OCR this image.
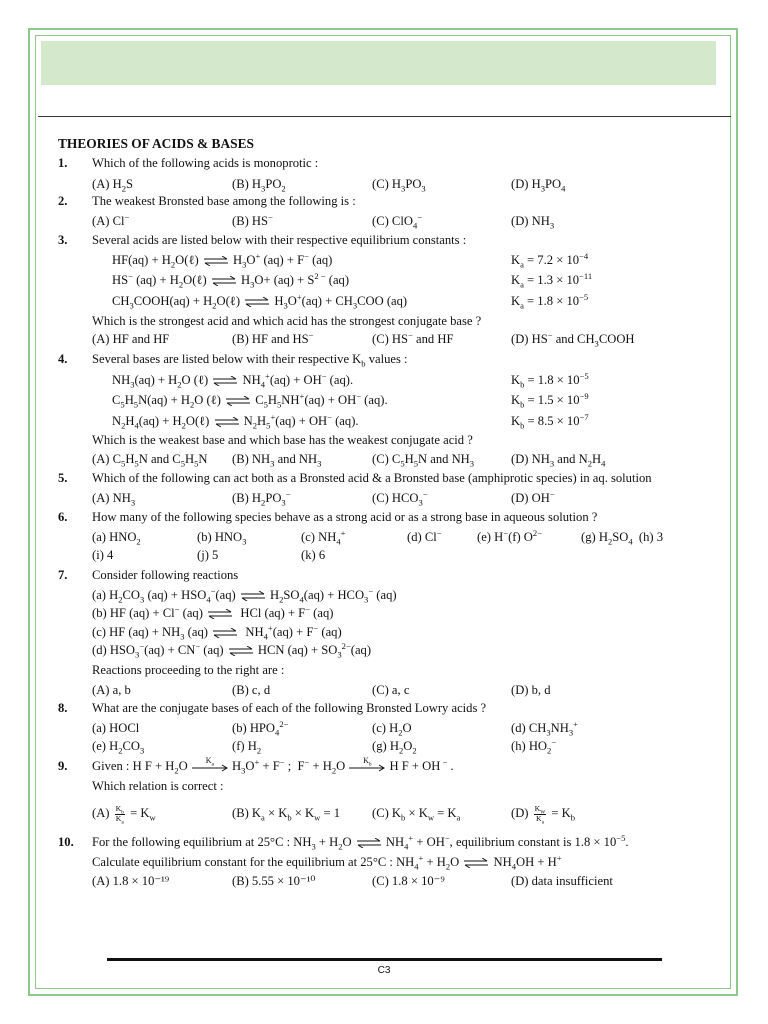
THEORIES OF ACIDS & BASES
1. Which of the following acids is monoprotic :
(A) $H_2S$	(B) $H_3PO_2$	(C) $H_3PO_3$	(D) $H_3PO_4$
2. The weakest Bronsted base among the following is :
(A) Cl−	(B) HS−	(C) ClO$_4$−	(D) $NH_3$
3. Several acids are listed below with their respective equilibrium constants :
$HF(aq) + H_2O(\ell)$  $H_3O^+$ (aq) + F− (aq)	$K_a = 7.2 \times 10^{-4}$
HS− $(aq) + H_2O(\ell)$  $H_3O+ (aq) + S^{2 -}$ (aq)	$K_a = 1.3 \times 10^{-11}$
$CH_3COOH(aq)$ + $H_2O(\ell) H_3O^+(aq) + CH_3COO$ (aq)	$K_a = 1.8 \times 10^{-5}$
Which is the strongest acid and which acid has the strongest conjugate base ?
(A) HF and HF	(B) HF and HS−	(C) HS− and HF	(D) HS− and $CH_3COOH$
4. Several bases are listed below with their respective $K_b$ values :
$NH_3(aq) + H_2O$ (ℓ)  $NH_4^+(aq) + OH^-$ (aq).	$K_b = 1.8 \times 10^{-5}$
$C_5H_5N(aq) + H_2O$ (ℓ)  $C_5H_5NH^+(aq) + OH^-$ (aq).	$K_b = 1.5 \times 10^{-9}$
$N_2H_4(aq)$ + $H_2O(\ell) N_2H_5^+(aq) + OH^-$ (aq).	$K_b = 8.5 \times 10^{-7}$
Which is the weakest base and which base has the weakest conjugate acid ?
(A) $C_5H_5N$ and $C_5H_5N$ (B) $NH_3$ and $NH_3$	(C) $C_5H_5N$ and $NH_3$	(D) $NH_3$ and $N_2H_4$
5. Which of the following can act both as a Bronsted acid & a Bronsted base (amphiprotic species) in aq. solution
(A) $NH_3$	(B) $H_2PO_3^-$	(C) $HCO_3^-$	(D) OH−
6. How many of the following species behave as a strong acid or as a strong base in aqueous solution ?
(a) $HNO_2$	(b) $HNO_3$	(c) $NH_4^+$	(d) Cl−	(e) H−(f) $O^{2-}$	(g) $H_2SO_4$  (h) 3
(i) 4	(j) 5	(k) 6
7. Consider following reactions
(a) $H_2CO_3$ $(aq) + HSO_4^-(aq) H_2SO_4(aq) + HCO_3^-$ (aq)
(b) HF (aq) + Cl− (aq)   HCl (aq) + F− (aq)
(c) HF $(aq) + NH_3$ (aq)   $NH_4^+(aq) + F^-$ (aq)
(d) $HSO_3^-(aq) + CN^-$ (aq)  HCN $(aq) + SO_3^{2-}(aq)$
Reactions proceeding to the right are :
(A) a, b	(B) c, d	(C) a, c	(D) b, d
8. What are the conjugate bases of each of the following Bronsted Lowry acids ?
(a) HOCl	(b) $HPO_4^{2-}$	(c) $H_2O$	(d) $CH_3NH_3^+$
(e) $H_2CO_3$	(f) $H_2$	(g) $H_2O_2$	(h) $HO_2^-$
9. Given : H $F + H_2O$	$K_a$	$H_3O^+ + F^-$ ;  $F^- + H_2O$	$K_b$	H F + OH − .
Which relation is correct :
$(A) \frac{K_b}{K_a} = K_w$	(B) $K_a \times K_b \times K_w = 1$	(C) $K_b \times K_w = K_a$	$(D) \frac{K_W}{K_a} = K_b$
10. For the following equilibrium at 25°C : $NH_3 + H_2O$  $NH_4^+ + OH^-$, equilibrium constant is $1.8 \times 10^{-5}$.
Calculate equilibrium constant for the equilibrium at 25°C : $NH_4^+ + H_2O$  $NH_4OH + H^+$
(A) 1.8 × 10⁻¹⁹	(B) 5.55 × 10⁻¹⁰	(C) 1.8 × 10⁻⁹	(D) data insufficient
C3
